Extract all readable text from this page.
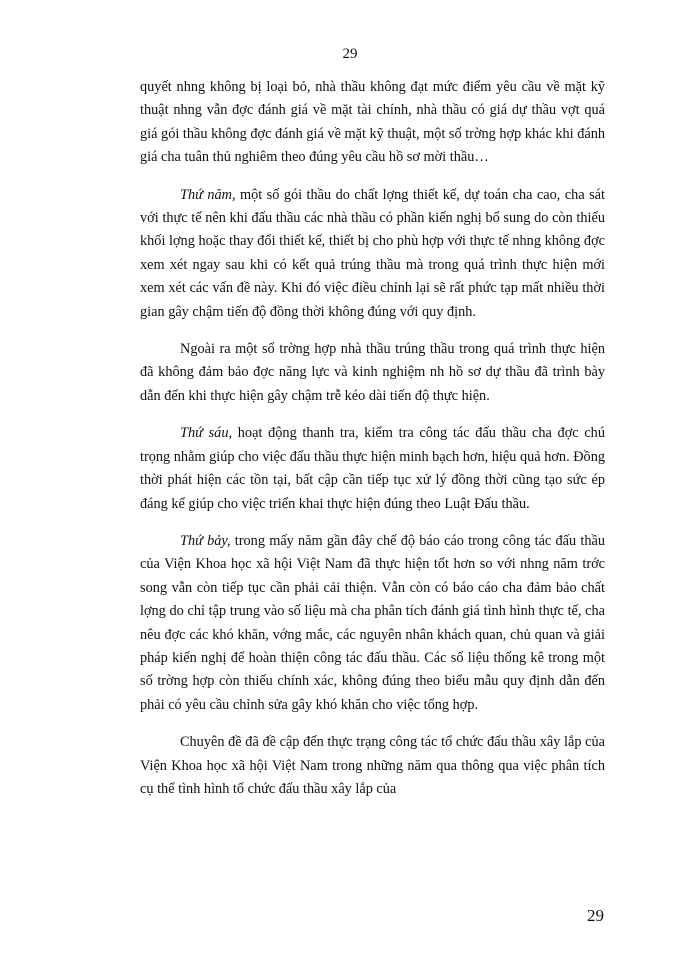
29

quyết nhng không bị loại bỏ, nhà thầu không đạt mức điểm yêu cầu về mặt kỹ thuật nhng vẫn đợc đánh giá về mặt tài chính, nhà thầu có giá dự thầu vợt quá giá gói thầu không đợc đánh giá về mặt kỹ thuật, một số trờng hợp khác khi đánh giá cha tuân thủ nghiêm theo đúng yêu cầu hồ sơ mời thầu…

Thứ năm, một số gói thầu do chất lợng thiết kế, dự toán cha cao, cha sát với thực tế nên khi đấu thầu các nhà thầu có phần kiến nghị bổ sung do còn thiếu khối lợng hoặc thay đổi thiết kế, thiết bị cho phù hợp với thực tế nhng không đợc xem xét ngay sau khi có kết quả trúng thầu mà trong quá trình thực hiện mới xem xét các vấn đề này. Khi đó việc điều chỉnh lại sẽ rất phức tạp mất nhiều thời gian gây chậm tiến độ đồng thời không đúng với quy định.

Ngoài ra một số trờng hợp nhà thầu trúng thầu trong quá trình thực hiện đã không đảm bảo đợc năng lực và kinh nghiệm nh hồ sơ dự thầu đã trình bày dẫn đến khi thực hiện gây chậm trễ kéo dài tiến độ thực hiện.

Thứ sáu, hoạt động thanh tra, kiểm tra công tác đấu thầu cha đợc chú trọng nhằm giúp cho việc đấu thầu thực hiện minh bạch hơn, hiệu quả hơn. Đồng thời phát hiện các tồn tại, bất cập cần tiếp tục xử lý đồng thời cũng tạo sức ép đáng kể giúp cho việc triển khai thực hiện đúng theo Luật Đấu thầu.

Thứ bảy, trong mấy năm gần đây chế độ báo cáo trong công tác đấu thầu của Viện Khoa học xã hội Việt Nam đã thực hiện tốt hơn so với nhng năm trớc song vẫn còn tiếp tục cần phải cải thiện. Vẫn còn có báo cáo cha đảm bảo chất lợng do chỉ tập trung vào số liệu mà cha phân tích đánh giá tình hình thực tế, cha nêu đợc các khó khăn, vớng mắc, các nguyên nhân khách quan, chủ quan và giải pháp kiến nghị để hoàn thiện công tác đấu thầu. Các số liệu thống kê trong một số trờng hợp còn thiếu chính xác, không đúng theo biểu mẫu quy định dẫn đến phải có yêu cầu chỉnh sửa gây khó khăn cho việc tổng hợp.

Chuyên đề đã đề cập đến thực trạng công tác tổ chức đấu thầu xây lắp của Viện Khoa học xã hội Việt Nam trong những năm qua thông qua việc phân tích cụ thể tình hình tổ chức đấu thầu xây lắp của

29
